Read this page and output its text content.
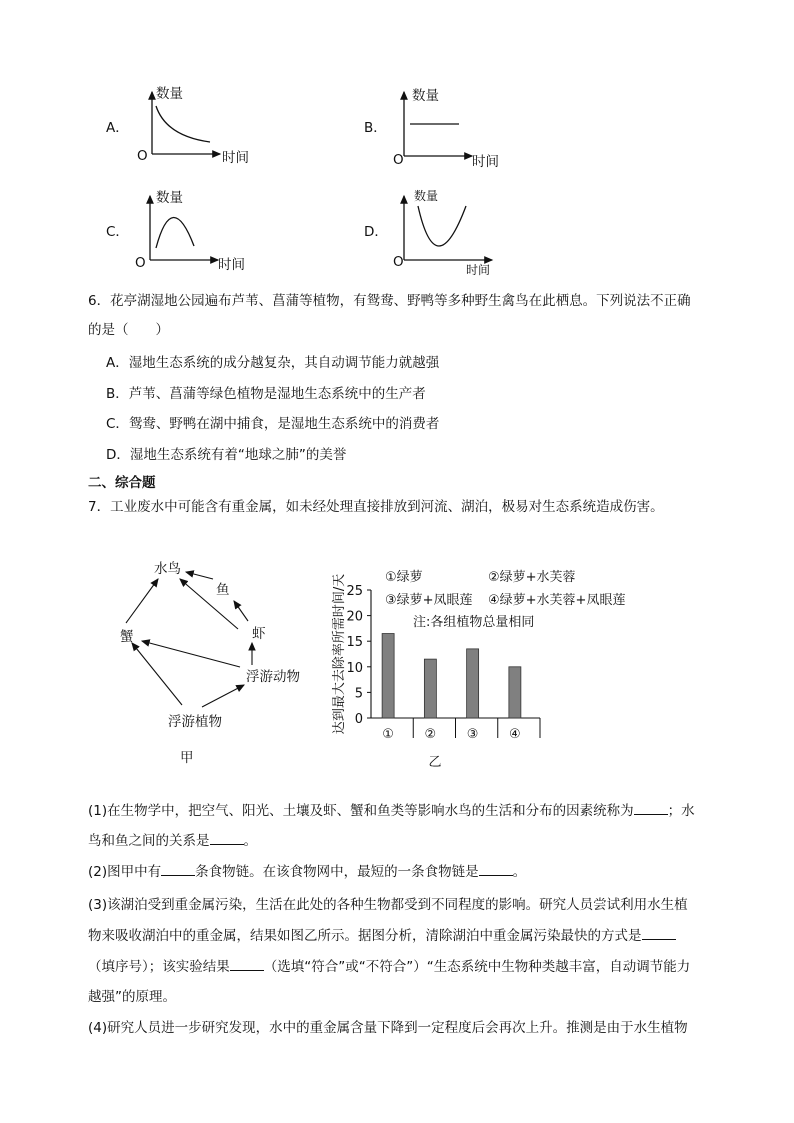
A．
数量
O	时间
B．
数量
O	时间
C．
数量
O	时间
D．
数量
O	时间
6．花亭湖湿地公园遍布芦苇、菖蒲等植物，有鸳鸯、野鸭等多种野生禽鸟在此栖息。下列说法不正确
的是（　　）
A．湿地生态系统的成分越复杂，其自动调节能力就越强
B．芦苇、菖蒲等绿色植物是湿地生态系统中的生产者
C．鸳鸯、野鸭在湖中捕食，是湿地生态系统中的消费者
D．湿地生态系统有着“地球之肺”的美誉
二、综合题
7．工业废水中可能含有重金属，如未经处理直接排放到河流、湖泊，极易对生态系统造成伤害。
水鸟
鱼
虾
蟹
浮游动物
浮游植物
甲
0
5
10
15
20
25
① ② ③ ④
达到最大去除率所需时间/天	①绿萝	②绿萝+水芙蓉
③绿萝+凤眼莲 ④绿萝+水芙蓉+凤眼莲
注:各组植物总量相同
乙
(1)在生物学中，把空气、阳光、土壤及虾、蟹和鱼类等影响水鸟的生活和分布的因素统称为	；水
鸟和鱼之间的关系是	。
(2)图甲中有	条食物链。在该食物网中，最短的一条食物链是	。
(3)该湖泊受到重金属污染，生活在此处的各种生物都受到不同程度的影响。研究人员尝试利用水生植
物来吸收湖泊中的重金属，结果如图乙所示。据图分析，清除湖泊中重金属污染最快的方式是
（填序号）；该实验结果	（选填“符合”或“不符合”）“生态系统中生物种类越丰富，自动调节能力
越强”的原理。
(4)研究人员进一步研究发现，水中的重金属含量下降到一定程度后会再次上升。推测是由于水生植物
